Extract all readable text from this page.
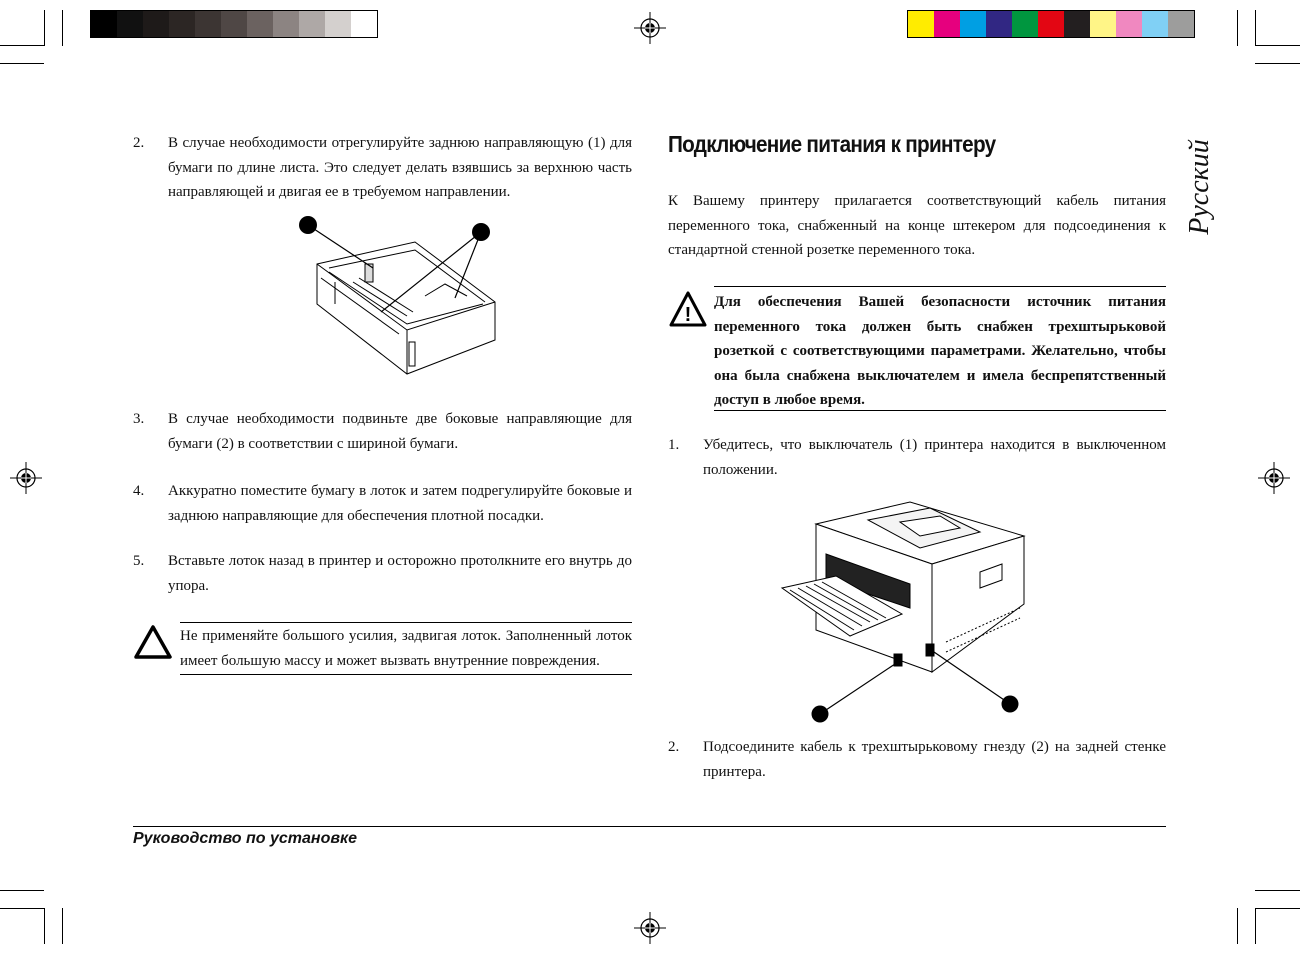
2. В случае необходимости отрегулируйте заднюю направляющую (1) для бумаги по длине листа. Это следует делать взявшись за верхнюю часть направляющей и двигая ее в требуемом направлении.
3. В случае необходимости подвиньте две боковые направляющие для бумаги (2) в соответствии с шириной бумаги.
4. Аккуратно поместите бумагу в лоток и затем подрегулируйте боковые и заднюю направляющие для обеспечения плотной посадки.
5. Вставьте лоток назад в принтер и осторожно протолкните его внутрь до упора.
Не применяйте большого усилия, задвигая лоток. Заполненный лоток имеет большую массу и может вызвать внутренние повреждения.
Подключение питания к принтеру
К Вашему принтеру прилагается соответствующий кабель питания переменного тока, снабженный на конце штекером для подсоединения к стандартной стенной розетке переменного тока.
!
Для обеспечения Вашей безопасности источник питания переменного тока должен быть снабжен трехштырьковой розеткой с соответствующими параметрами. Желательно, чтобы она была снабжена выключателем и имела беспрепятственный доступ в любое время.
1. Убедитесь, что выключатель (1) принтера находится в выключенном положении.
2. Подсоедините кабель к трехштырьковому гнезду (2) на задней стенке принтера.
Русский
Руководство по установке
